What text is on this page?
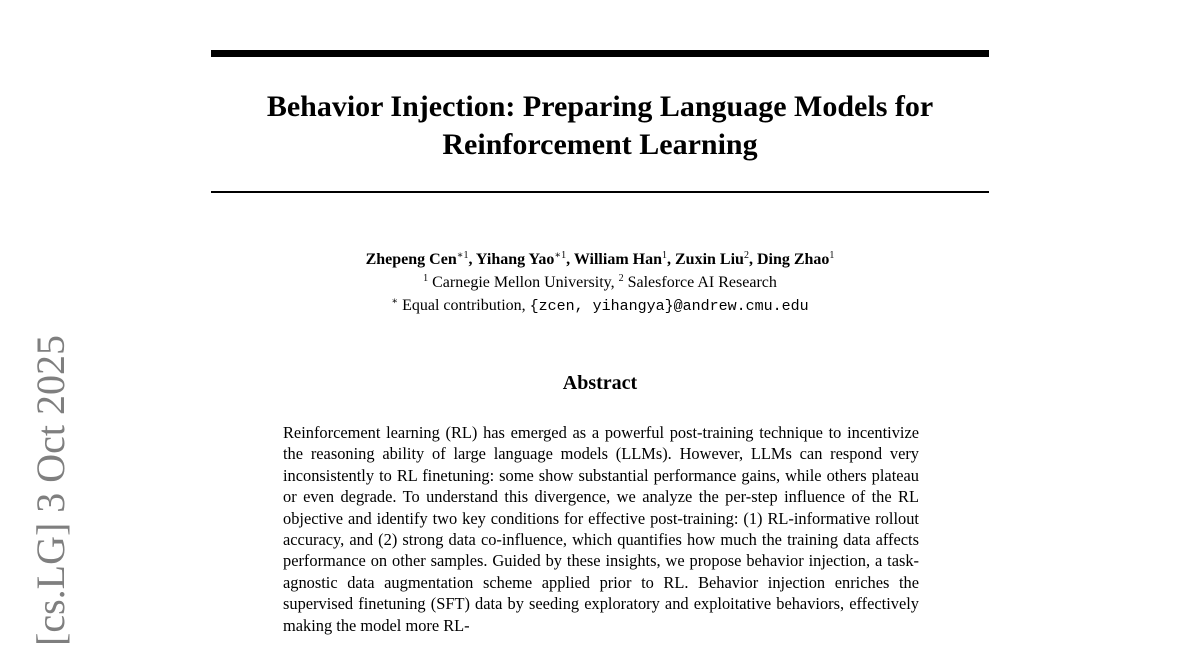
Behavior Injection: Preparing Language Models for
Reinforcement Learning
Zhepeng Cen$^{∗1}$, Yihang Yao$^{∗1}$, William Han$^1$, Zuxin Liu$^2$, Ding Zhao$^1$
$^1$ Carnegie Mellon University, $^2$ Salesforce AI Research
∗ Equal contribution, {zcen, yihangya}@andrew.cmu.edu
Abstract

Reinforcement learning (RL) has emerged as a powerful post-training technique to incentivize the reasoning ability of large language models (LLMs). However, LLMs can respond very inconsistently to RL finetuning: some show substantial performance gains, while others plateau or even degrade. To understand this divergence, we analyze the per-step influence of the RL objective and identify two key conditions for effective post-training: (1) RL-informative rollout accuracy, and (2) strong data co-influence, which quantifies how much the training data affects performance on other samples. Guided by these insights, we propose behavior injection, a task-agnostic data augmentation scheme applied prior to RL. Behavior injection enriches the supervised finetuning (SFT) data by seeding exploratory and exploitative behaviors, effectively making the model more RL-

[cs.LG] 3 Oct 2025
